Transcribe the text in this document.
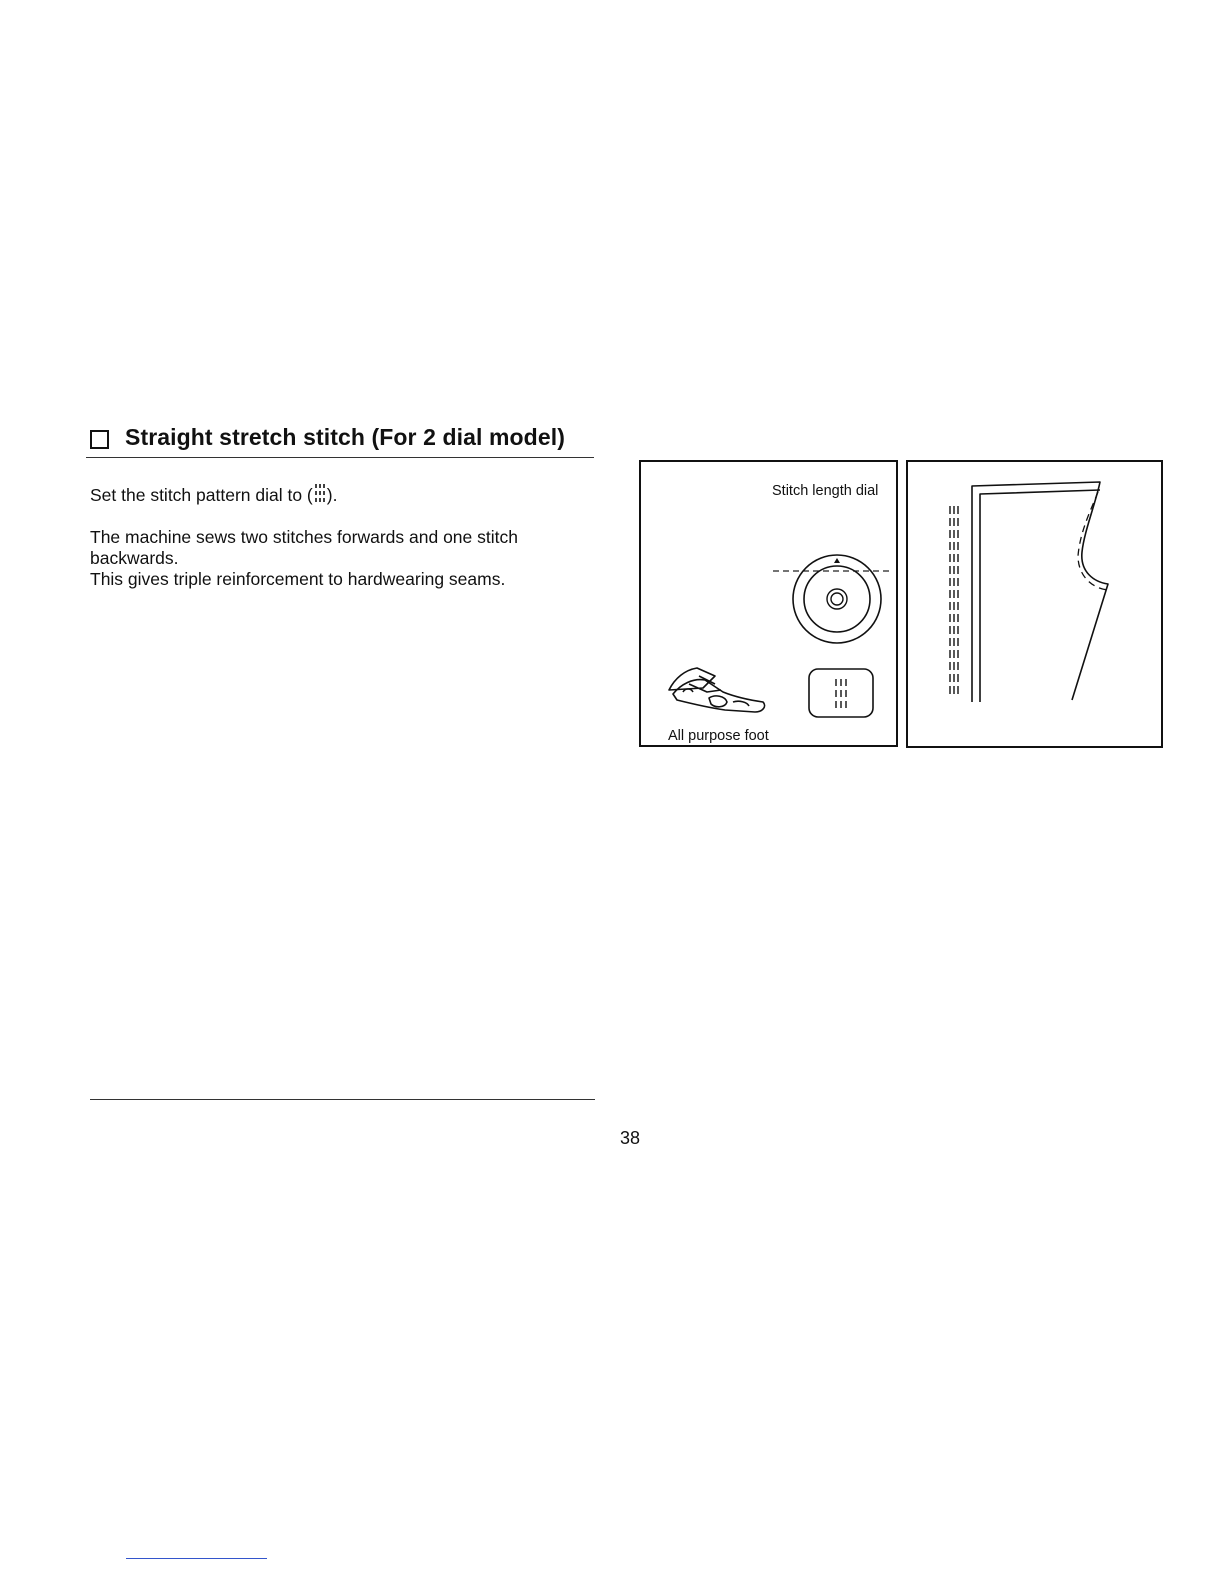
Straight stretch stitch (For 2 dial model)
Set the stitch pattern dial to ( ).
The machine sews two stitches forwards and one stitch
backwards.
This gives triple reinforcement to hardwearing seams.
Stitch length dial
All purpose foot
38
